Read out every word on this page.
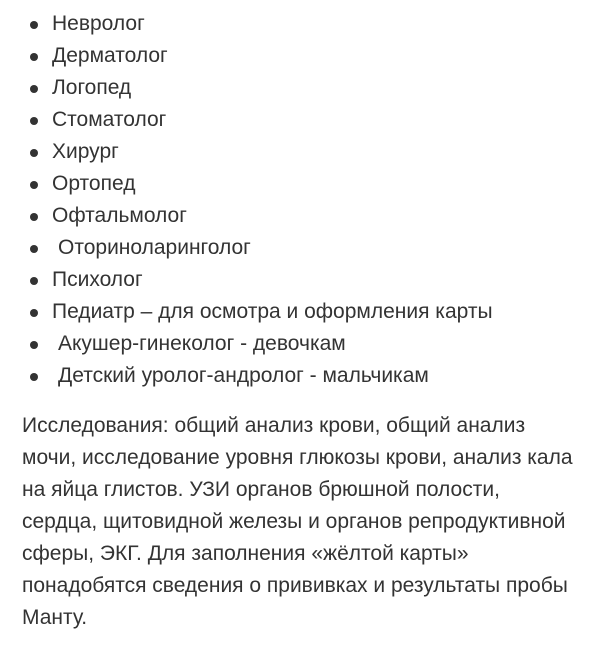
Невролог
Дерматолог
Логопед
Стоматолог
Хирург
Ортопед
Офтальмолог
Оториноларинголог
Психолог
Педиатр – для осмотра и оформления карты
Акушер-гинеколог - девочкам
Детский уролог-андролог - мальчикам

Исследования: общий анализ крови, общий анализ мочи, исследование уровня глюкозы крови, анализ кала на яйца глистов. УЗИ органов брюшной полости, сердца, щитовидной железы и органов репродуктивной сферы, ЭКГ. Для заполнения «жёлтой карты» понадобятся сведения о прививках и результаты пробы Манту.
